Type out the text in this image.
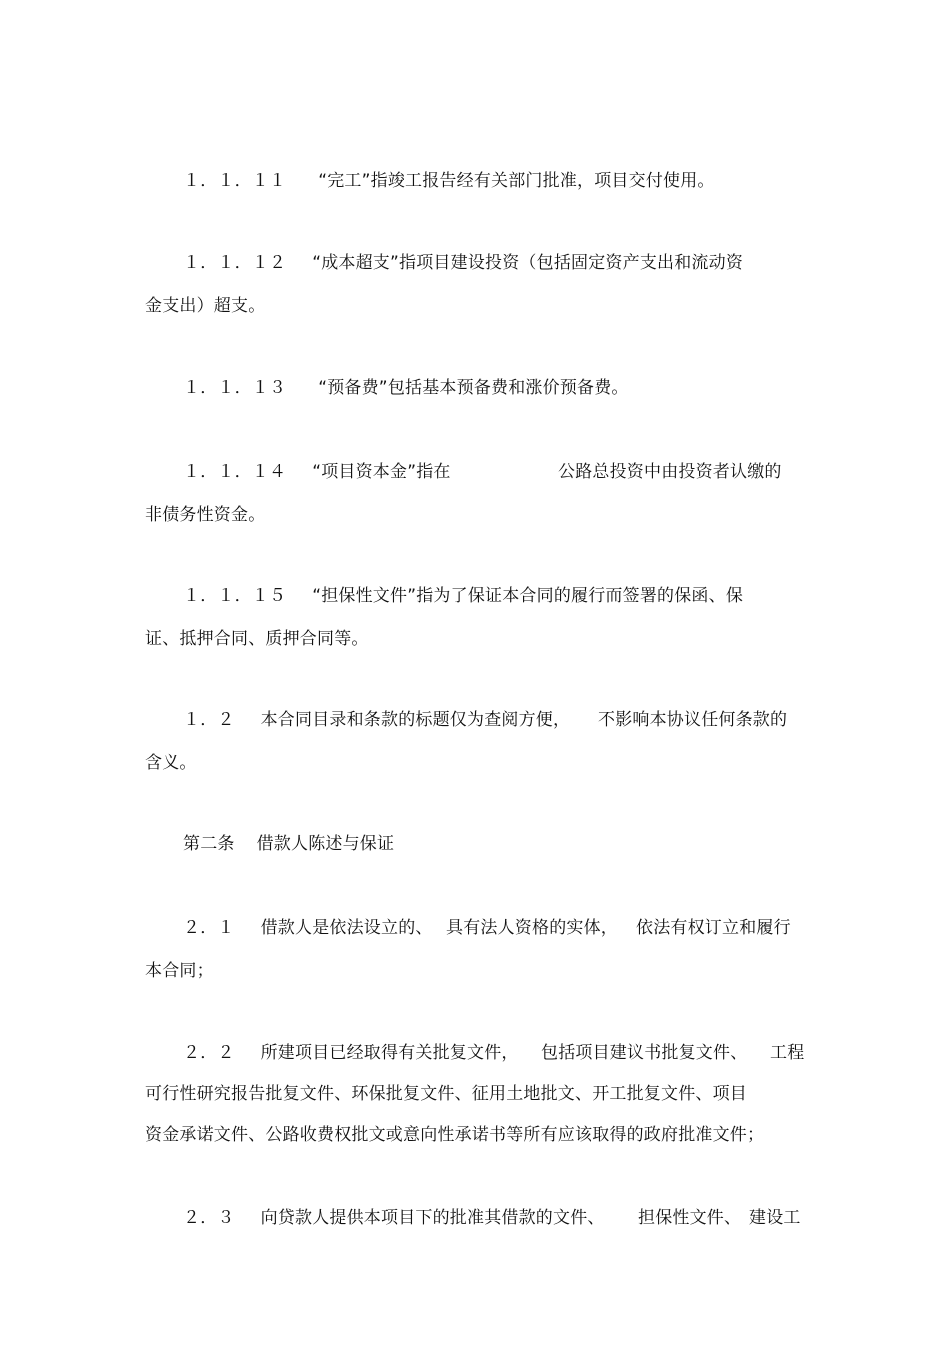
１．１．１１ “完工”指竣工报告经有关部门批准，项目交付使用。
１．１．１２ “成本超支”指项目建设投资（包括固定资产支出和流动资
金支出）超支。
１．１．１３ “预备费”包括基本预备费和涨价预备费。
１．１．１４ “项目资本金”指在	公路总投资中由投资者认缴的
非债务性资金。
１．１．１５ “担保性文件”指为了保证本合同的履行而签署的保函、保
证、抵押合同、质押合同等。
１．２ 本合同目录和条款的标题仅为查阅方便， 不影响本协议任何条款的
含义。
第二条 借款人陈述与保证
２．１ 借款人是依法设立的、 具有法人资格的实体， 依法有权订立和履行
本合同；
２．２ 所建项目已经取得有关批复文件， 包括项目建议书批复文件、 工程
可行性研究报告批复文件、环保批复文件、征用土地批文、开工批复文件、项目
资金承诺文件、公路收费权批文或意向性承诺书等所有应该取得的政府批准文件；
２．３ 向贷款人提供本项目下的批准其借款的文件、 担保性文件、 建设工
